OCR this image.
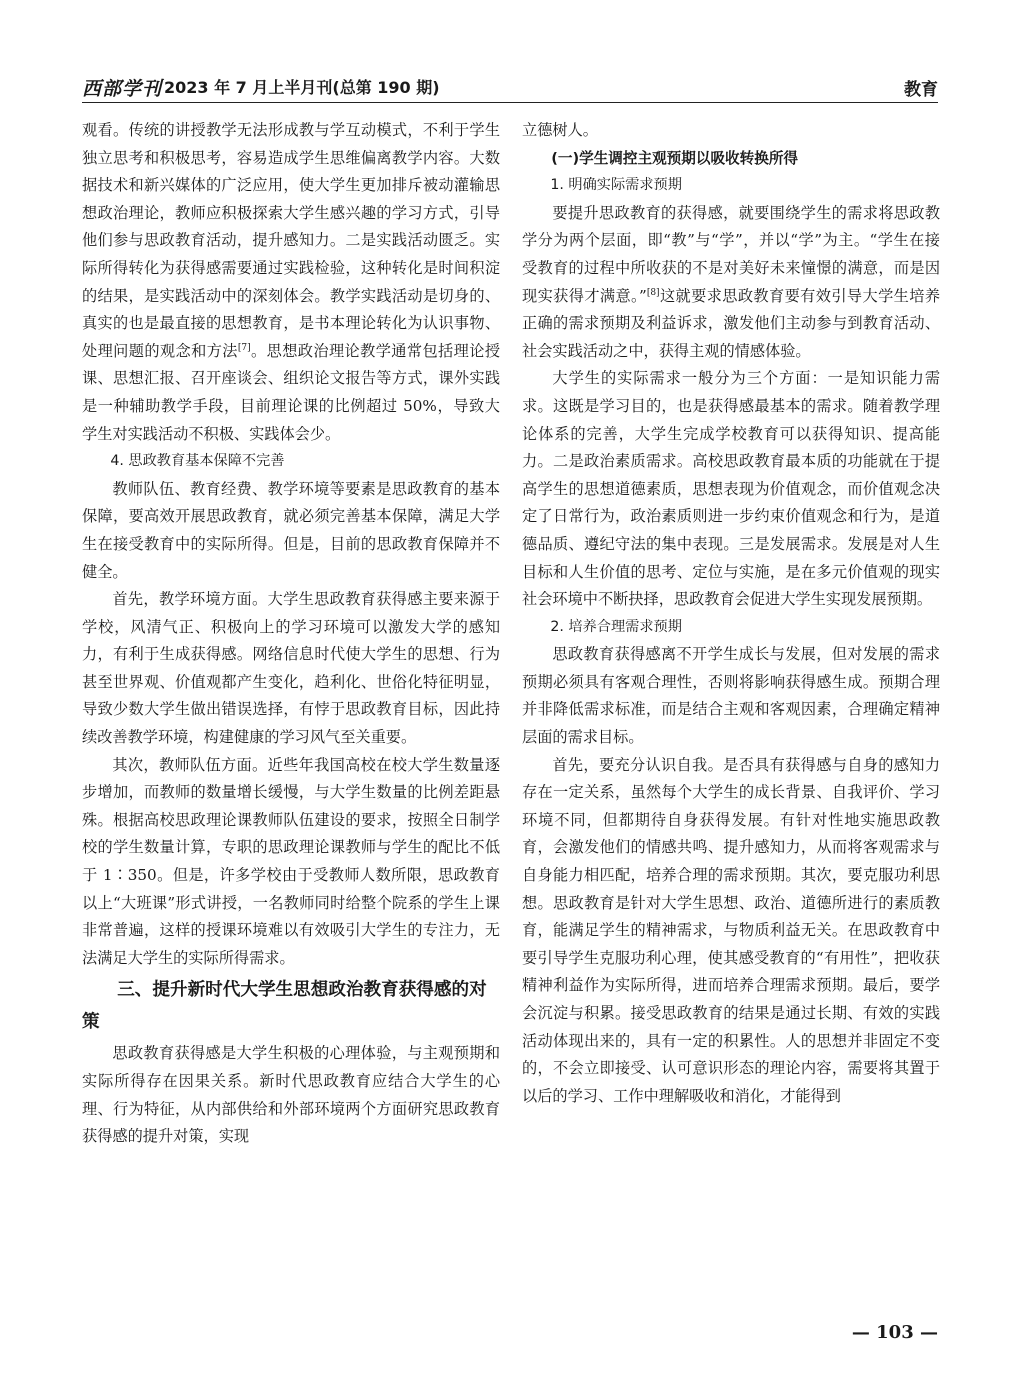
西部学刊 2023 年 7 月上半月刊(总第 190 期)	教育

观看。传统的讲授教学无法形成教与学互动模式，不利于学生独立思考和积极思考，容易造成学生思维偏离教学内容。大数据技术和新兴媒体的广泛应用，使大学生更加排斥被动灌输思想政治理论，教师应积极探索大学生感兴趣的学习方式，引导他们参与思政教育活动，提升感知力。二是实践活动匮乏。实际所得转化为获得感需要通过实践检验，这种转化是时间积淀的结果，是实践活动中的深刻体会。教学实践活动是切身的、真实的也是最直接的思想教育，是书本理论转化为认识事物、处理问题的观念和方法[7]。思想政治理论教学通常包括理论授课、思想汇报、召开座谈会、组织论文报告等方式，课外实践是一种辅助教学手段，目前理论课的比例超过 50%，导致大学生对实践活动不积极、实践体会少。

4. 思政教育基本保障不完善

教师队伍、教育经费、教学环境等要素是思政教育的基本保障，要高效开展思政教育，就必须完善基本保障，满足大学生在接受教育中的实际所得。但是，目前的思政教育保障并不健全。

首先，教学环境方面。大学生思政教育获得感主要来源于学校，风清气正、积极向上的学习环境可以激发大学的感知力，有利于生成获得感。网络信息时代使大学生的思想、行为甚至世界观、价值观都产生变化，趋利化、世俗化特征明显，导致少数大学生做出错误选择，有悖于思政教育目标，因此持续改善教学环境，构建健康的学习风气至关重要。

其次，教师队伍方面。近些年我国高校在校大学生数量逐步增加，而教师的数量增长缓慢，与大学生数量的比例差距悬殊。根据高校思政理论课教师队伍建设的要求，按照全日制学校的学生数量计算，专职的思政理论课教师与学生的配比不低于 1∶350。但是，许多学校由于受教师人数所限，思政教育以上“大班课”形式讲授，一名教师同时给整个院系的学生上课非常普遍，这样的授课环境难以有效吸引大学生的专注力，无法满足大学生的实际所得需求。

三、提升新时代大学生思想政治教育获得感的对策

思政教育获得感是大学生积极的心理体验，与主观预期和实际所得存在因果关系。新时代思政教育应结合大学生的心理、行为特征，从内部供给和外部环境两个方面研究思政教育获得感的提升对策，实现

立德树人。

(一)学生调控主观预期以吸收转换所得

1. 明确实际需求预期

要提升思政教育的获得感，就要围绕学生的需求将思政教学分为两个层面，即“教”与“学”，并以“学”为主。“学生在接受教育的过程中所收获的不是对美好未来憧憬的满意，而是因现实获得才满意。”[8]这就要求思政教育要有效引导大学生培养正确的需求预期及利益诉求，激发他们主动参与到教育活动、社会实践活动之中，获得主观的情感体验。

大学生的实际需求一般分为三个方面：一是知识能力需求。这既是学习目的，也是获得感最基本的需求。随着教学理论体系的完善，大学生完成学校教育可以获得知识、提高能力。二是政治素质需求。高校思政教育最本质的功能就在于提高学生的思想道德素质，思想表现为价值观念，而价值观念决定了日常行为，政治素质则进一步约束价值观念和行为，是道德品质、遵纪守法的集中表现。三是发展需求。发展是对人生目标和人生价值的思考、定位与实施，是在多元价值观的现实社会环境中不断抉择，思政教育会促进大学生实现发展预期。

2. 培养合理需求预期

思政教育获得感离不开学生成长与发展，但对发展的需求预期必须具有客观合理性，否则将影响获得感生成。预期合理并非降低需求标准，而是结合主观和客观因素，合理确定精神层面的需求目标。

首先，要充分认识自我。是否具有获得感与自身的感知力存在一定关系，虽然每个大学生的成长背景、自我评价、学习环境不同，但都期待自身获得发展。有针对性地实施思政教育，会激发他们的情感共鸣、提升感知力，从而将客观需求与自身能力相匹配，培养合理的需求预期。其次，要克服功利思想。思政教育是针对大学生思想、政治、道德所进行的素质教育，能满足学生的精神需求，与物质利益无关。在思政教育中要引导学生克服功利心理，使其感受教育的“有用性”，把收获精神利益作为实际所得，进而培养合理需求预期。最后，要学会沉淀与积累。接受思政教育的结果是通过长期、有效的实践活动体现出来的，具有一定的积累性。人的思想并非固定不变的，不会立即接受、认可意识形态的理论内容，需要将其置于以后的学习、工作中理解吸收和消化，才能得到

— 103 —
